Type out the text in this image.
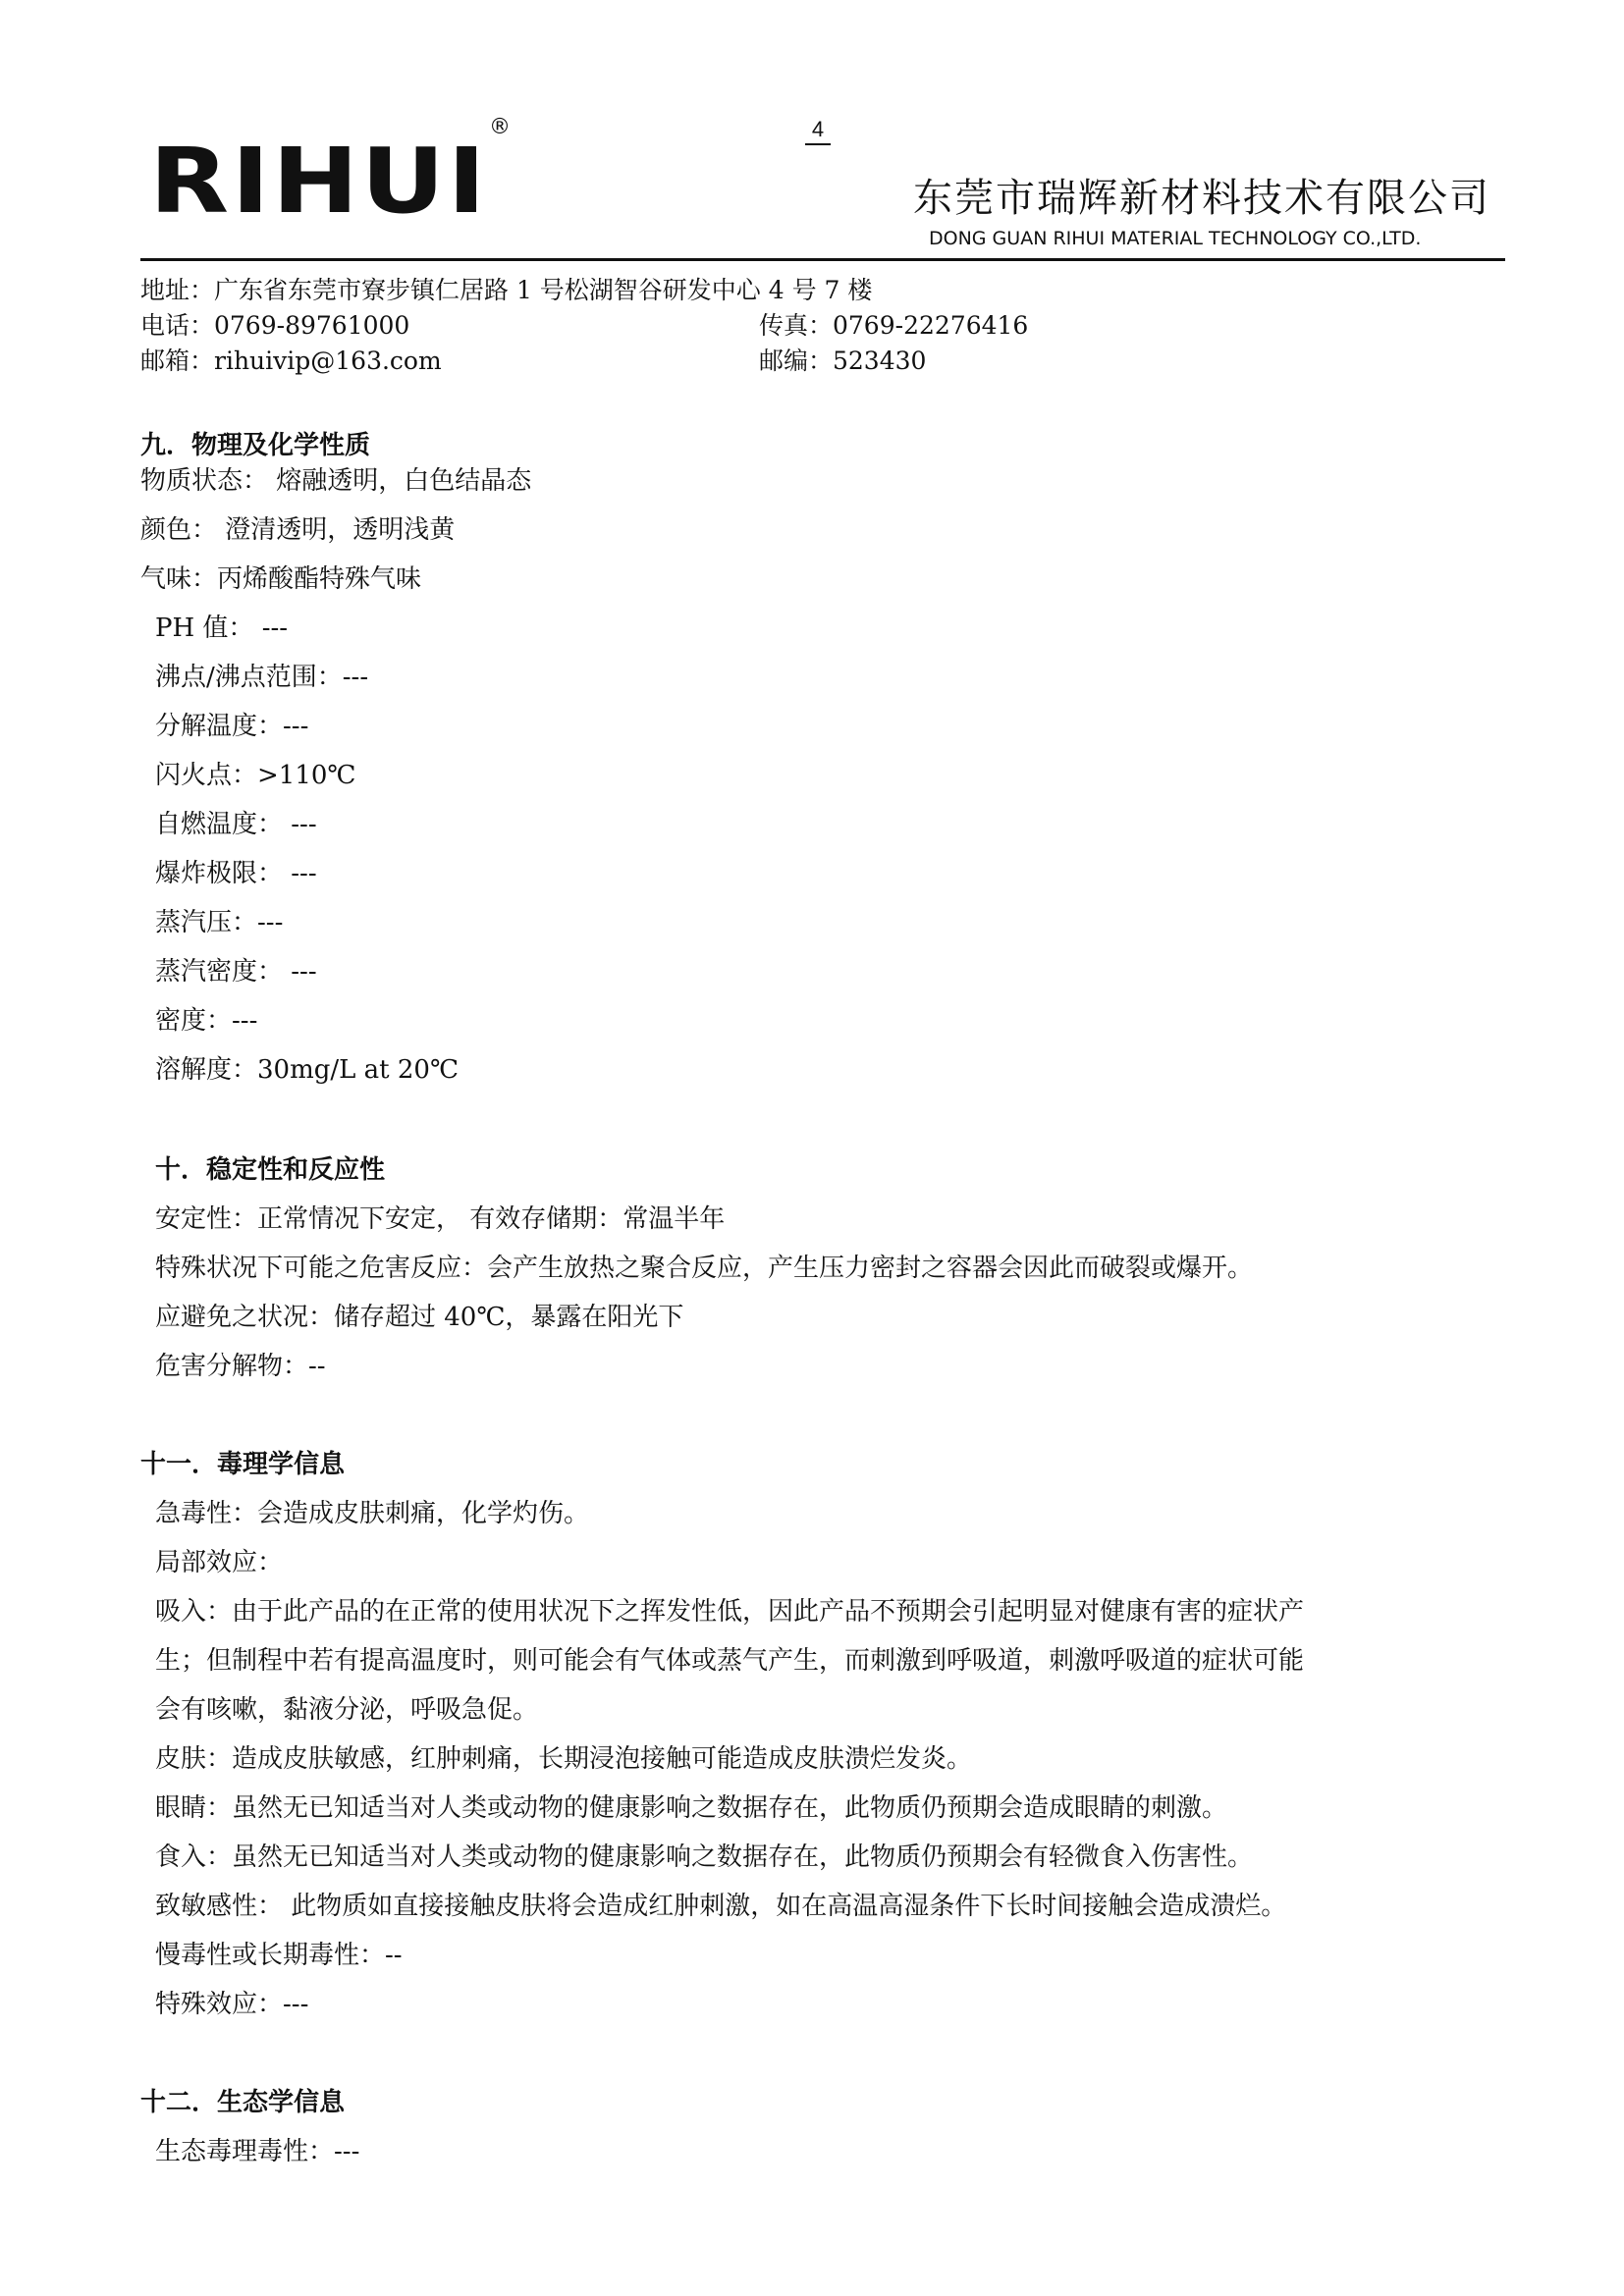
4
RIHUI
®
东莞市瑞辉新材料技术有限公司
DONG GUAN RIHUI MATERIAL TECHNOLOGY CO.,LTD.
地址：广东省东莞市寮步镇仁居路 1 号松湖智谷研发中心 4 号 7 楼
电话：0769-89761000	传真：0769-22276416
邮箱：rihuivip@163.com	邮编：523430
九．物理及化学性质
物质状态： 熔融透明，白色结晶态
颜色： 澄清透明，透明浅黄
气味：丙烯酸酯特殊气味
PH 值： ---
沸点/沸点范围：---
分解温度：---
闪火点：>110℃
自燃温度： ---
爆炸极限： ---
蒸汽压：---
蒸汽密度： ---
密度：---
溶解度：30mg/L at 20℃
十．稳定性和反应性
安定性：正常情况下安定， 有效存储期：常温半年
特殊状况下可能之危害反应：会产生放热之聚合反应，产生压力密封之容器会因此而破裂或爆开。
应避免之状况：储存超过 40℃，暴露在阳光下
危害分解物：--
十一．毒理学信息
急毒性：会造成皮肤刺痛，化学灼伤。
局部效应：
吸入：由于此产品的在正常的使用状况下之挥发性低，因此产品不预期会引起明显对健康有害的症状产
生；但制程中若有提高温度时，则可能会有气体或蒸气产生，而刺激到呼吸道，刺激呼吸道的症状可能
会有咳嗽，黏液分泌，呼吸急促。
皮肤：造成皮肤敏感，红肿刺痛，长期浸泡接触可能造成皮肤溃烂发炎。
眼睛：虽然无已知适当对人类或动物的健康影响之数据存在，此物质仍预期会造成眼睛的刺激。
食入：虽然无已知适当对人类或动物的健康影响之数据存在，此物质仍预期会有轻微食入伤害性。
致敏感性： 此物质如直接接触皮肤将会造成红肿刺激，如在高温高湿条件下长时间接触会造成溃烂。
慢毒性或长期毒性：--
特殊效应：---
十二．生态学信息
生态毒理毒性：---
